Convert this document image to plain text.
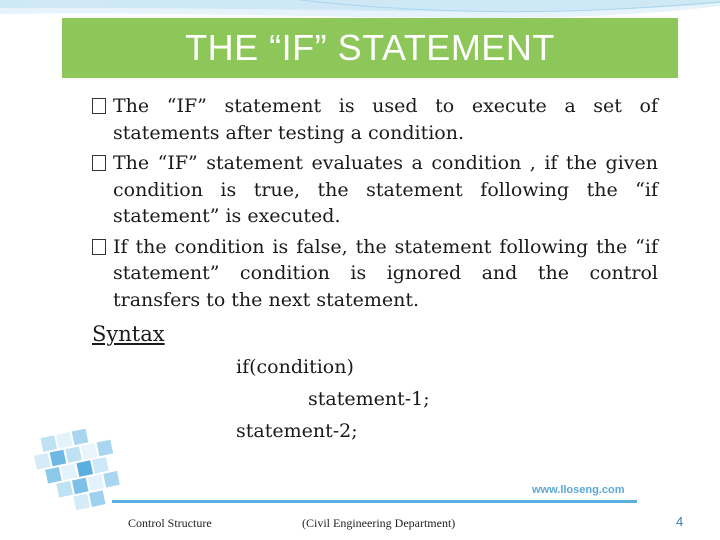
THE “IF” STATEMENT
The “IF” statement is used to execute a set of statements after testing a condition.
The “IF” statement evaluates a condition , if the given condition is true, the statement following the “if statement” is executed.
If the condition is false, the statement following the “if statement” condition is ignored and the control transfers to the next statement.
Syntax
if(condition)
statement-1;
statement-2;
www.lloseng.com
Control Structure	(Civil Engineering Department)	4
